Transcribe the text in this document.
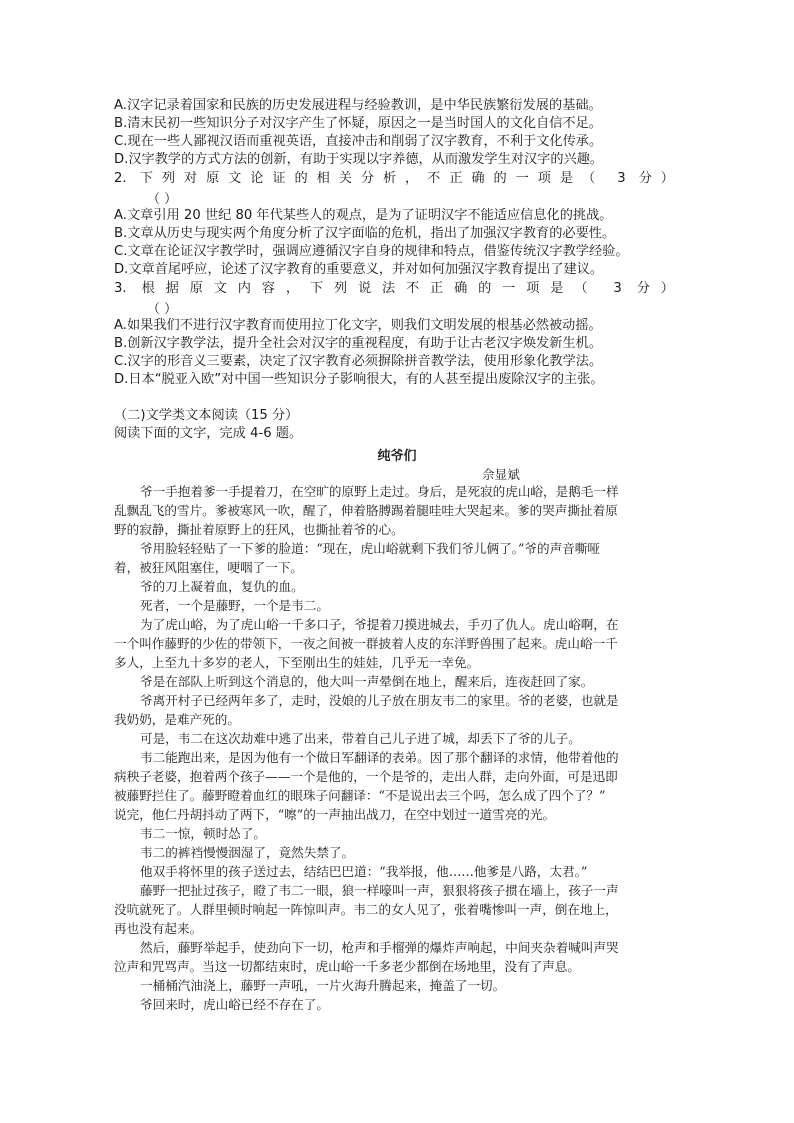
A.汉字记录着国家和民族的历史发展进程与经验教训，是中华民族繁衍发展的基础。
B.清末民初一些知识分子对汉字产生了怀疑，原因之一是当时国人的文化自信不足。
C.现在一些人鄙视汉语而重视英语，直接冲击和削弱了汉字教育，不利于文化传承。
D.汉字教学的方式方法的创新，有助于实现以字养德，从而激发学生对汉字的兴趣。
2. 下列对原文论证的相关分析，不正确的一项是（ 3 分）
（ ）
A.文章引用 20 世纪 80 年代某些人的观点，是为了证明汉字不能适应信息化的挑战。
B.文章从历史与现实两个角度分析了汉字面临的危机，指出了加强汉字教育的必要性。
C.文章在论证汉字教学时，强调应遵循汉字自身的规律和特点，借鉴传统汉字教学经验。
D.文章首尾呼应，论述了汉字教育的重要意义，并对如何加强汉字教育提出了建议。
3. 根据原文内容，下列说法不正确的一项是（ 3 分）
（ ）
A.如果我们不进行汉字教育而使用拉丁化文字，则我们文明发展的根基必然被动摇。
B.创新汉字教学法，提升全社会对汉字的重视程度，有助于让古老汉字焕发新生机。
C.汉字的形音义三要素，决定了汉字教育必须摒除拼音教学法，使用形象化教学法。
D.日本“脱亚入欧”对中国一些知识分子影响很大，有的人甚至提出废除汉字的主张。
（二)文学类文本阅读（15 分）
阅读下面的文字，完成 4-6 题。
纯爷们
佘显斌
爷一手抱着爹一手提着刀，在空旷的原野上走过。身后，是死寂的虎山峪，是鹅毛一样
乱飘乱飞的雪片。爹被寒风一吹，醒了，伸着胳膊踢着腿哇哇大哭起来。爹的哭声撕扯着原
野的寂静，撕扯着原野上的狂风，也撕扯着爷的心。
爷用脸轻轻贴了一下爹的脸道：“现在，虎山峪就剩下我们爷儿俩了。”爷的声音嘶哑
着，被狂风阻塞住，哽咽了一下。
爷的刀上凝着血，复仇的血。
死者，一个是藤野，一个是韦二。
为了虎山峪，为了虎山峪一千多口子，爷提着刀摸进城去，手刃了仇人。虎山峪啊，在
一个叫作藤野的少佐的带领下，一夜之间被一群披着人皮的东洋野兽围了起来。虎山峪一千
多人，上至九十多岁的老人，下至刚出生的娃娃，几乎无一幸免。
爷是在部队上听到这个消息的，他大叫一声晕倒在地上，醒来后，连夜赶回了家。
爷离开村子已经两年多了，走时，没娘的儿子放在朋友韦二的家里。爷的老婆，也就是
我奶奶，是难产死的。
可是，韦二在这次劫难中逃了出来，带着自己儿子进了城，却丢下了爷的儿子。
韦二能跑出来，是因为他有一个做日军翻译的表弟。因了那个翻译的求情，他带着他的
病秧子老婆，抱着两个孩子——一个是他的，一个是爷的，走出人群，走向外面，可是迅即
被藤野拦住了。藤野瞪着血红的眼珠子问翻译：“不是说出去三个吗，怎么成了四个了？”
说完，他仁丹胡抖动了两下，“嚓”的一声抽出战刀，在空中划过一道雪亮的光。
韦二一惊，顿时怂了。
韦二的裤裆慢慢洇湿了，竟然失禁了。
他双手将怀里的孩子送过去，结结巴巴道：“我举报，他……他爹是八路，太君。”
藤野一把扯过孩子，瞪了韦二一眼，狼一样嚎叫一声，狠狠将孩子掼在墙上，孩子一声
没吭就死了。人群里顿时响起一阵惊叫声。韦二的女人见了，张着嘴惨叫一声，倒在地上，
再也没有起来。
然后，藤野举起手，使劲向下一切，枪声和手榴弹的爆炸声响起，中间夹杂着喊叫声哭
泣声和咒骂声。当这一切都结束时，虎山峪一千多老少都倒在场地里，没有了声息。
一桶桶汽油浇上，藤野一声吼，一片火海升腾起来，掩盖了一切。
爷回来时，虎山峪已经不存在了。
